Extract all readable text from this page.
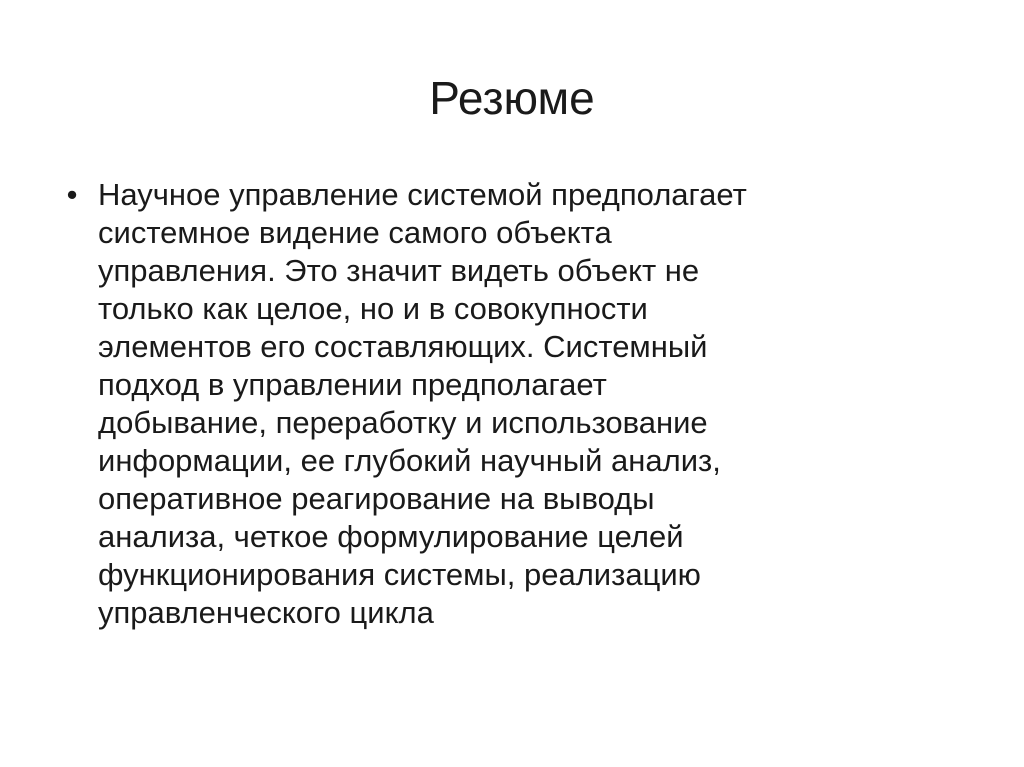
Резюме
• Научное управление системой предполагает
системное видение самого объекта
управления. Это значит видеть объект не
только как целое, но и в совокупности
элементов его составляющих. Системный
подход в управлении предполагает
добывание, переработку и использование
информации, ее глубокий научный анализ,
оперативное реагирование на выводы
анализа, четкое формулирование целей
функционирования системы, реализацию
управленческого цикла
